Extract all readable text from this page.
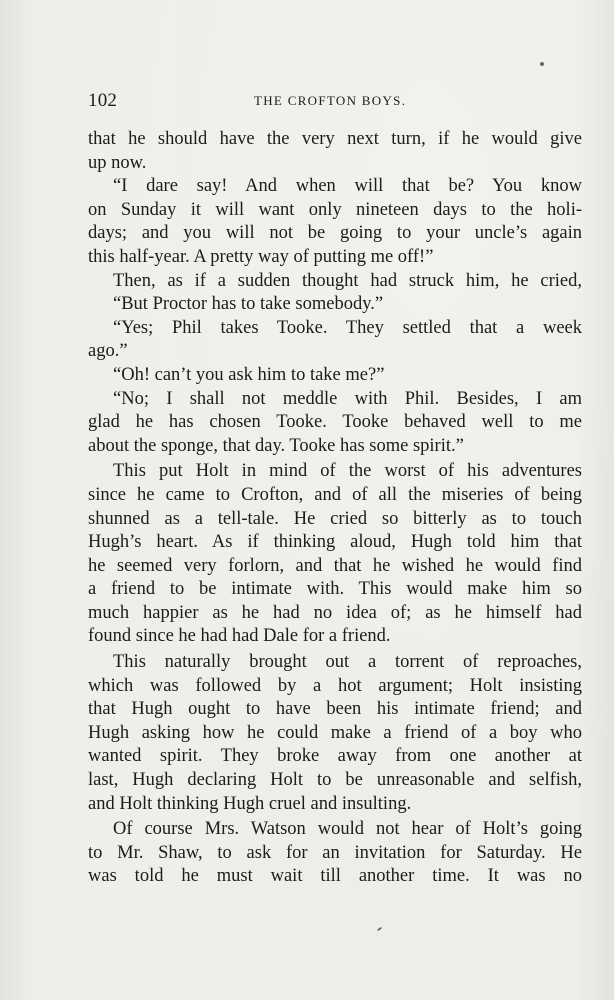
102	THE CROFTON BOYS.
that he should have the very next turn, if he would give
up now.
“I dare say! And when will that be? You know
on Sunday it will want only nineteen days to the holi-
days; and you will not be going to your uncle’s again
this half-year. A pretty way of putting me off!”
Then, as if a sudden thought had struck him, he cried,
“But Proctor has to take somebody.”
“Yes; Phil takes Tooke. They settled that a week
ago.”
“Oh! can’t you ask him to take me?”
“No; I shall not meddle with Phil. Besides, I am
glad he has chosen Tooke. Tooke behaved well to me
about the sponge, that day. Tooke has some spirit.”
This put Holt in mind of the worst of his adventures
since he came to Crofton, and of all the miseries of being
shunned as a tell-tale. He cried so bitterly as to touch
Hugh’s heart. As if thinking aloud, Hugh told him that
he seemed very forlorn, and that he wished he would find
a friend to be intimate with. This would make him so
much happier as he had no idea of; as he himself had
found since he had had Dale for a friend.
This naturally brought out a torrent of reproaches,
which was followed by a hot argument; Holt insisting
that Hugh ought to have been his intimate friend; and
Hugh asking how he could make a friend of a boy who
wanted spirit. They broke away from one another at
last, Hugh declaring Holt to be unreasonable and selfish,
and Holt thinking Hugh cruel and insulting.
Of course Mrs. Watson would not hear of Holt’s going
to Mr. Shaw, to ask for an invitation for Saturday. He
was told he must wait till another time. It was no
